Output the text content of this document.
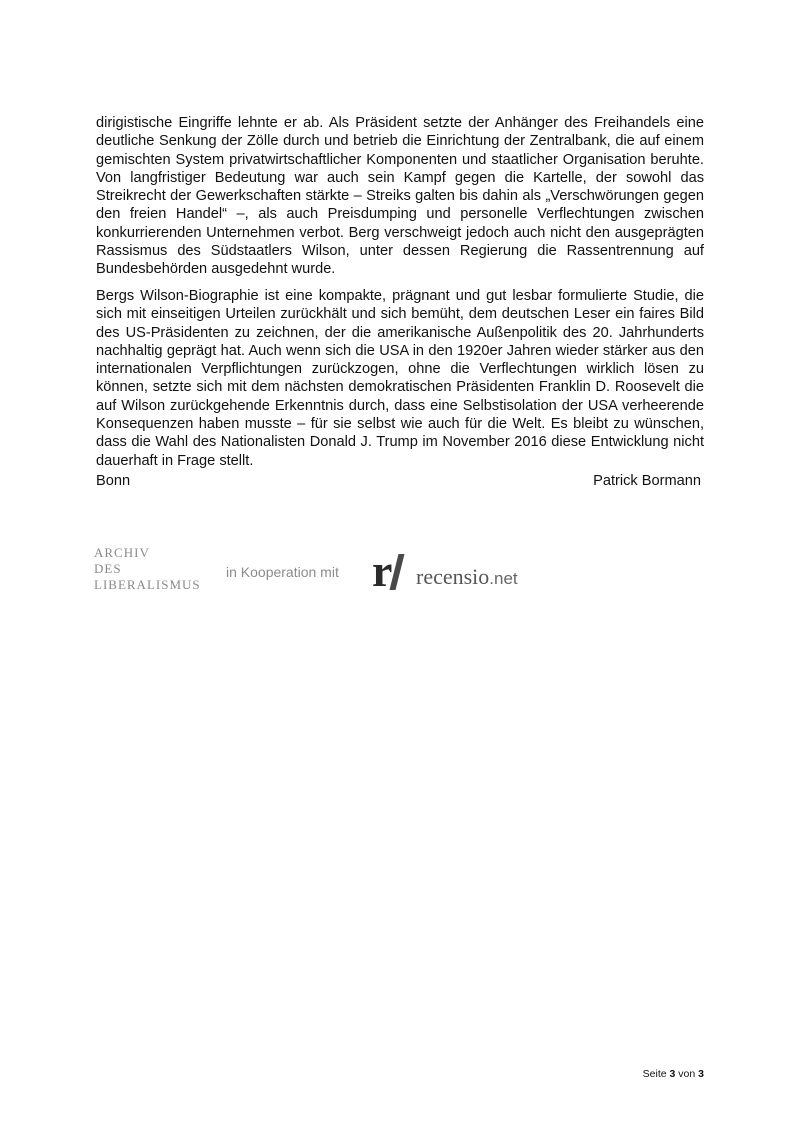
dirigistische Eingriffe lehnte er ab. Als Präsident setzte der Anhänger des Freihandels eine deutliche Senkung der Zölle durch und betrieb die Einrichtung der Zentralbank, die auf einem gemischten System privatwirtschaftlicher Komponenten und staatlicher Organisation beruhte. Von langfristiger Bedeutung war auch sein Kampf gegen die Kartelle, der sowohl das Streikrecht der Gewerkschaften stärkte – Streiks galten bis dahin als „Verschwörungen gegen den freien Handel“ –, als auch Preisdumping und personelle Verflechtungen zwischen konkurrierenden Unternehmen verbot. Berg verschweigt jedoch auch nicht den ausgeprägten Rassismus des Südstaatlers Wilson, unter dessen Regierung die Rassentrennung auf Bundesbehörden ausgedehnt wurde.
Bergs Wilson-Biographie ist eine kompakte, prägnant und gut lesbar formulierte Studie, die sich mit einseitigen Urteilen zurückhält und sich bemüht, dem deutschen Leser ein faires Bild des US-Präsidenten zu zeichnen, der die amerikanische Außenpolitik des 20. Jahrhunderts nachhaltig geprägt hat. Auch wenn sich die USA in den 1920er Jahren wieder stärker aus den internationalen Verpflichtungen zurückzogen, ohne die Verflechtungen wirklich lösen zu können, setzte sich mit dem nächsten demokratischen Präsidenten Franklin D. Roosevelt die auf Wilson zurückgehende Erkenntnis durch, dass eine Selbstisolation der USA verheerende Konsequenzen haben musste – für sie selbst wie auch für die Welt. Es bleibt zu wünschen, dass die Wahl des Nationalisten Donald J. Trump im November 2016 diese Entwicklung nicht dauerhaft in Frage stellt.
Bonn	Patrick Bormann
ARCHIV
DES
LIBERALISMUS
in Kooperation mit r recensio.net
Seite 3 von 3
